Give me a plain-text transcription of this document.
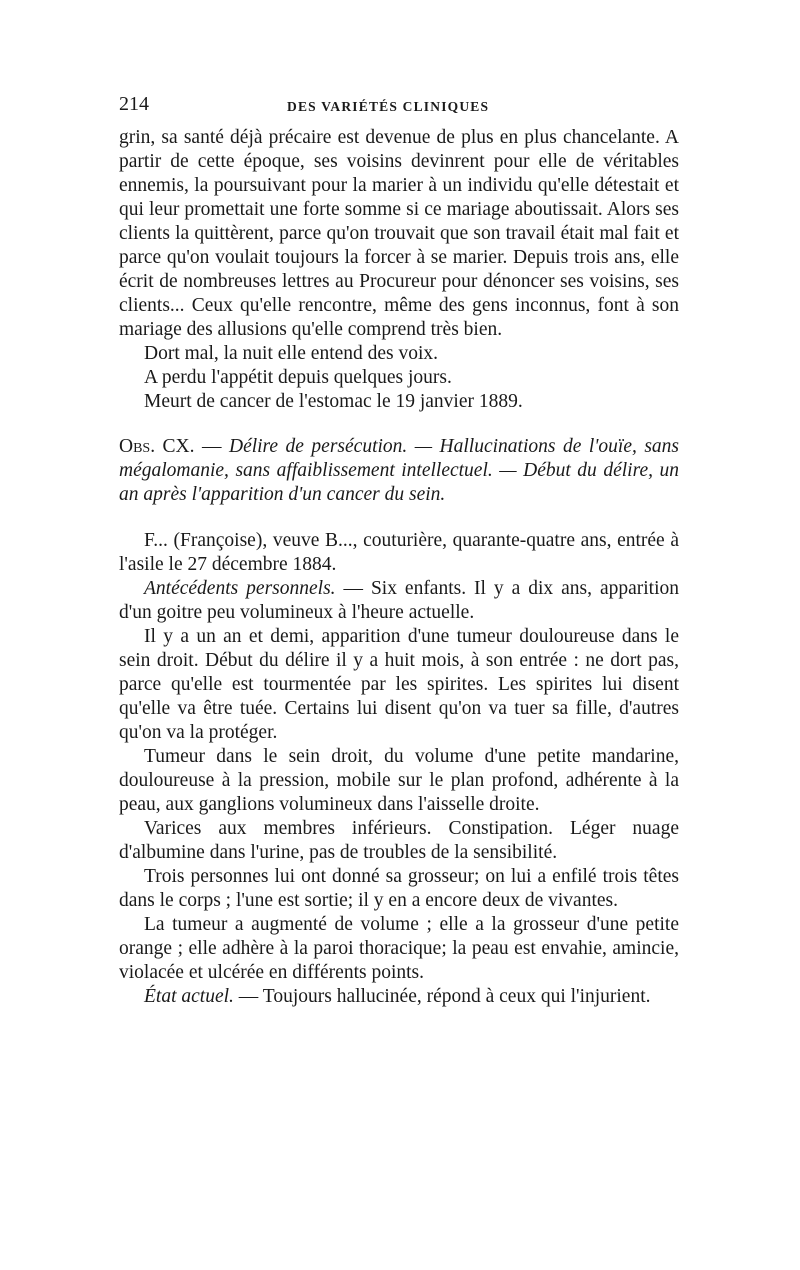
214	DES VARIÉTÉS CLINIQUES

grin, sa santé déjà précaire est devenue de plus en plus chancelante. A partir de cette époque, ses voisins devinrent pour elle de véritables ennemis, la poursuivant pour la marier à un individu qu'elle détestait et qui leur promettait une forte somme si ce mariage aboutissait. Alors ses clients la quittèrent, parce qu'on trouvait que son travail était mal fait et parce qu'on voulait toujours la forcer à se marier. Depuis trois ans, elle écrit de nombreuses lettres au Procureur pour dénoncer ses voisins, ses clients... Ceux qu'elle rencontre, même des gens inconnus, font à son mariage des allusions qu'elle comprend très bien.

Dort mal, la nuit elle entend des voix.

A perdu l'appétit depuis quelques jours.

Meurt de cancer de l'estomac le 19 janvier 1889.

Obs. CX. — Délire de persécution. — Hallucinations de l'ouïe, sans mégalomanie, sans affaiblissement intellectuel. — Début du délire, un an après l'apparition d'un cancer du sein.

F... (Françoise), veuve B..., couturière, quarante-quatre ans, entrée à l'asile le 27 décembre 1884.

Antécédents personnels. — Six enfants. Il y a dix ans, apparition d'un goitre peu volumineux à l'heure actuelle.

Il y a un an et demi, apparition d'une tumeur douloureuse dans le sein droit. Début du délire il y a huit mois, à son entrée : ne dort pas, parce qu'elle est tourmentée par les spirites. Les spirites lui disent qu'elle va être tuée. Certains lui disent qu'on va tuer sa fille, d'autres qu'on va la protéger.

Tumeur dans le sein droit, du volume d'une petite mandarine, douloureuse à la pression, mobile sur le plan profond, adhérente à la peau, aux ganglions volumineux dans l'aisselle droite.

Varices aux membres inférieurs. Constipation. Léger nuage d'albumine dans l'urine, pas de troubles de la sensibilité.

Trois personnes lui ont donné sa grosseur; on lui a enfilé trois têtes dans le corps ; l'une est sortie; il y en a encore deux de vivantes.

La tumeur a augmenté de volume ; elle a la grosseur d'une petite orange ; elle adhère à la paroi thoracique; la peau est envahie, amincie, violacée et ulcérée en différents points.

État actuel. — Toujours hallucinée, répond à ceux qui l'injurient.
